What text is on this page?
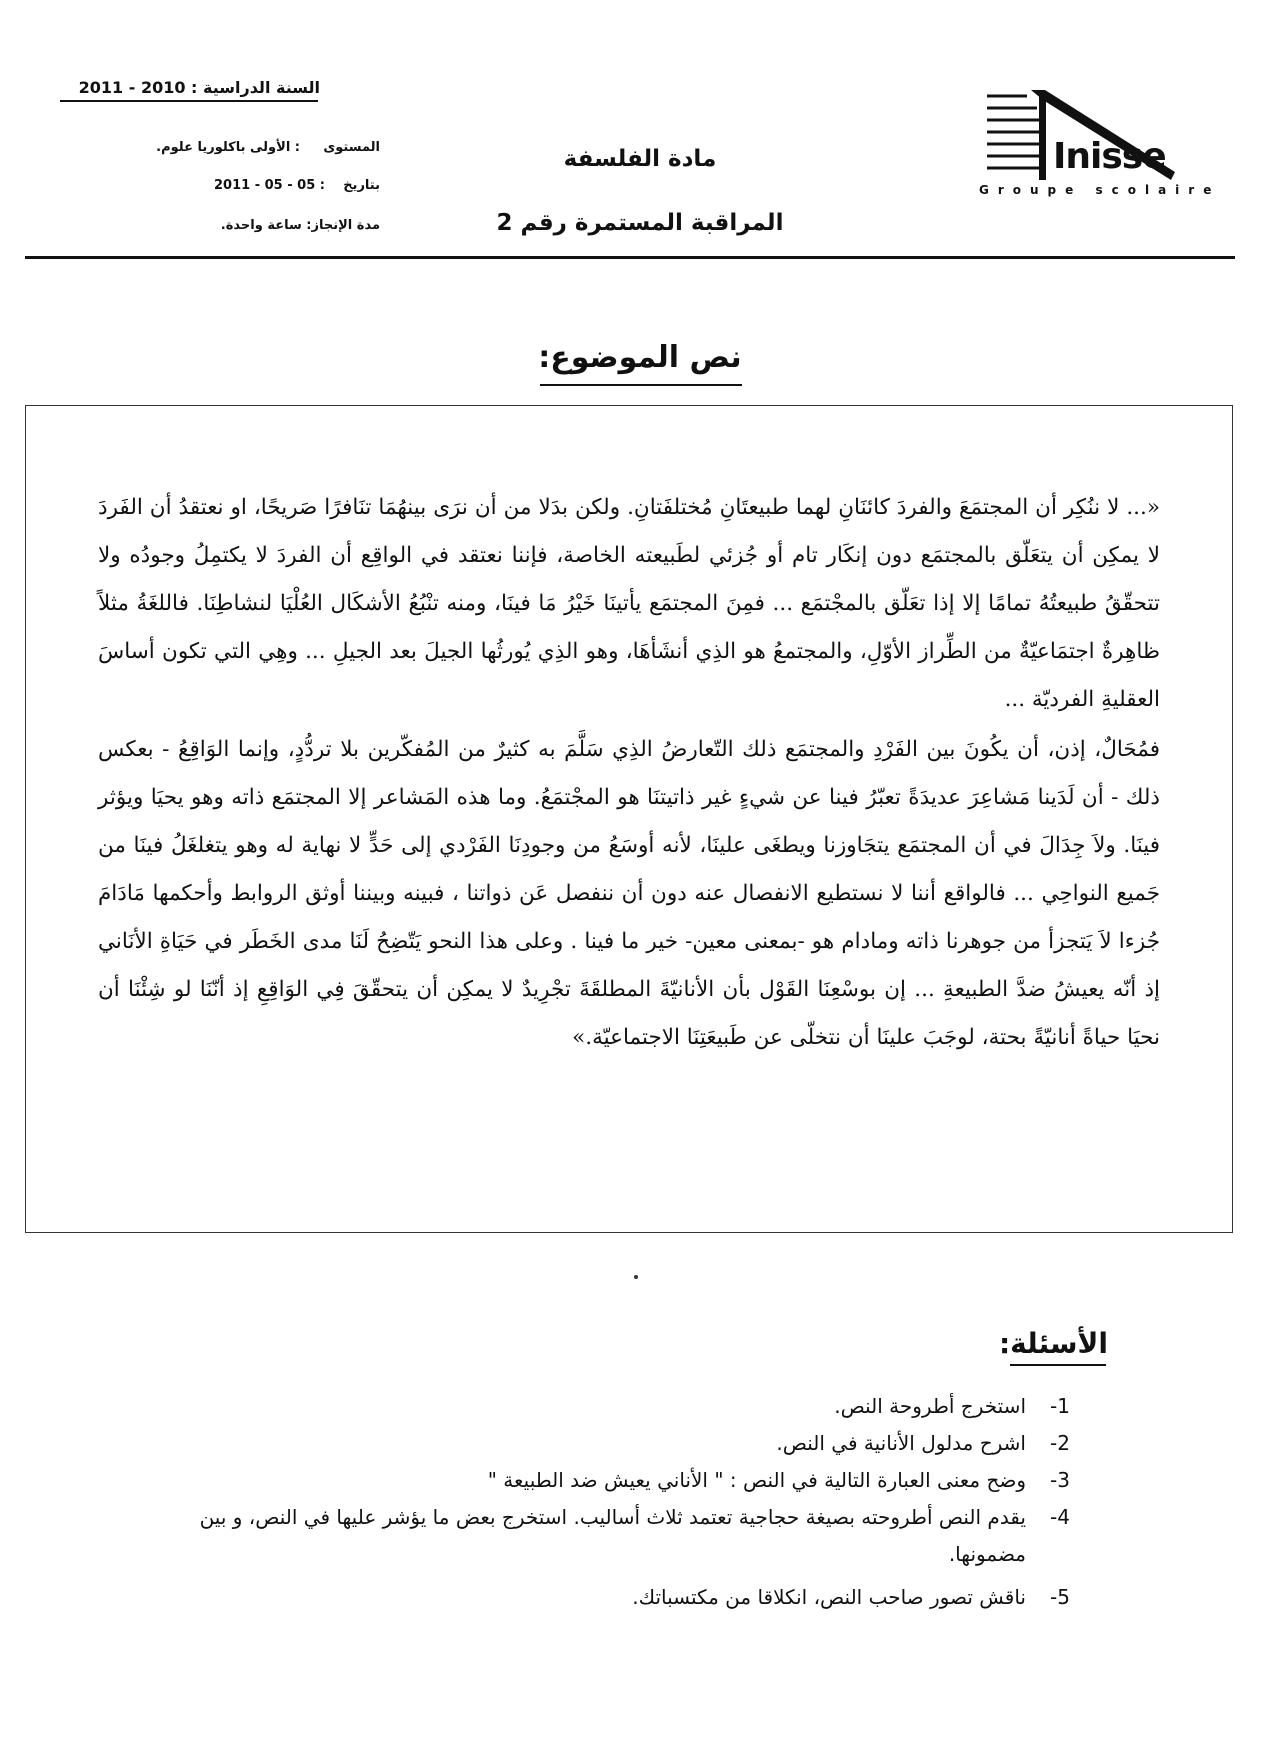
السنة الدراسية : 2010 - 2011
المستوى
: الأولى باكلوريا علوم.
بتاريخ
: 05 - 05 - 2011
مدة الإنجاز: ساعة واحدة.
مادة الفلسفة
المراقبة المستمرة رقم 2
Inisse
Groupe scolaire
نص الموضوع:

«... لا ننُكِر أن المجتمَعَ والفردَ كائنَانِ لهما طبيعتَانِ مُختلفَتانِ. ولكن بدَلا من أن نرَى بينهُمَا تنَافرًا صَريحًا، او نعتقدُ أن الفَردَ لا يمكِن أن يتعَلّق بالمجتمَع دون إنكَار تام أو جُزئي لطَبيعته الخاصة، فإننا نعتقد في الواقِع أن الفردَ لا يكتمِلُ وجودُه ولا تتحقّقُ طبيعتُهُ تمامًا إلا إذا تعَلّق بالمجْتمَع ... فمِنَ المجتمَع يأتينَا خَيْرُ مَا فينَا، ومنه تنْبُعُ الأشكَال العُلْيَا لنشاطِنَا. فاللغَةُ مثلاً ظاهِرةٌ اجتمَاعيّةٌ من الطِّراز الأوّلِ، والمجتمعُ هو الذِي أنشَأهَا، وهو الذِي يُورثُها الجيلَ بعد الجيلِ ... وهِي التي تكون أساسَ العقليةِ الفرديّة ...

فمُحَالٌ، إذن، أن يكُونَ بين الفَرْدِ والمجتمَع ذلك التّعارضُ الذِي سَلَّمَ به كثيرٌ من المُفكّرين بلا تردُّدٍ، وإنما الوَاقِعُ - بعكس ذلك - أن لَدَينا مَشاعِرَ عديدَةً تعبّرُ فينا عن شيءٍ غير ذاتيتنَا هو المجْتمَعُ. وما هذه المَشاعر إلا المجتمَع ذاته وهو يحيَا ويؤثر فينَا. ولاَ جِدَالَ في أن المجتمَع يتجَاوزنا ويطغَى علينَا، لأنه أوسَعُ من وجودِنَا الفَرْدي إلى حَدٍّ لا نهاية له وهو يتغلغَلُ فينَا من جَميع النواحِي ... فالواقع أننا لا نستطيع الانفصال عنه دون أن ننفصل عَن ذواتنا ، فبينه وبيننا أوثق الروابط وأحكمها مَادَامَ جُزءا لاَ يَتجزأ من جوهرنا ذاته ومادام هو -بمعنى معين- خير ما فينا . وعلى هذا النحو يَتّضِحُ لَنَا مدى الخَطَر في حَيَاةِ الأنَاني إذ أنّه يعيشُ ضدَّ الطبيعةِ ... إن بوسْعِنَا القَوْل بأن الأنانيّةَ المطلقَةَ تجْرِيدٌ لا يمكِن أن يتحقّقَ فِي الوَاقِعِ إذ أنّنَا لو شِئْنَا أن نحيَا حياةً أنانيّةً بحتة، لوجَبَ علينَا أن نتخلّى عن طَبيعَتِنَا الاجتماعيّة.»

الأسئلة:
1-
استخرج أطروحة النص.
2-
اشرح مدلول الأنانية في النص.
3-
وضح معنى العبارة التالية في النص : " الأناني يعيش ضد الطبيعة "
4-
يقدم النص أطروحته بصيغة حجاجية تعتمد ثلاث أساليب. استخرج بعض ما يؤشر عليها في النص، و بين مضمونها.
5-
ناقش تصور صاحب النص، انكلاقا من مكتسباتك.
